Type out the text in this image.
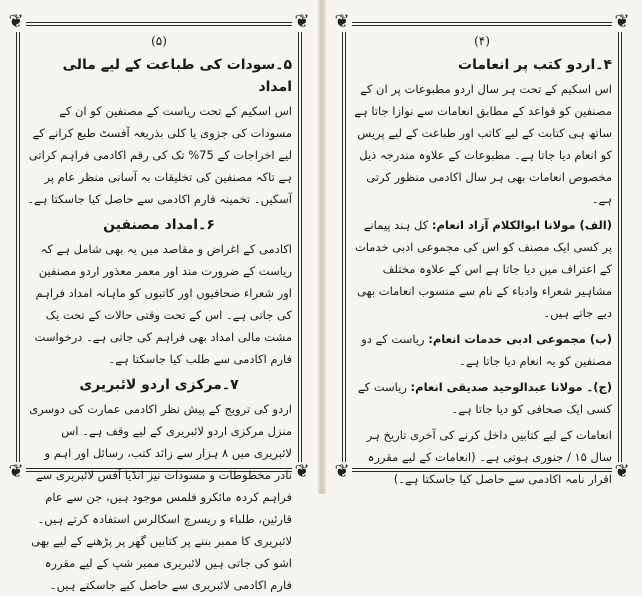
❦	❦
❦	❦
(۵)
۵۔سودات کی طباعت کے لیے مالی امداد
اس اسکیم کے تحت ریاست کے مصنفین کو ان کے مسودات کی جزوی یا کلی بذریعہ آفسٹ طبع کرانے کے لیے اخراجات کے 75% تک کی رقم اکادمی فراہم کراتی ہے تاکہ مصنفین کی تخلیقات بہ آسانی منظر عام پر آسکیں۔ تخمینہ فارم اکادمی سے حاصل کیا جاسکتا ہے۔
۶۔امداد مصنفین
اکادمی کے اغراض و مقاصد میں یہ بھی شامل ہے کہ ریاست کے ضرورت مند اور معمر معذور اردو مصنفین اور شعراء صحافیوں اور کاتبوں کو ماہانہ امداد فراہم کی جاتی ہے۔ اس کے تحت وقتی حالات کے تحت یک مشت مالی امداد بھی فراہم کی جاتی ہے۔ درخواست فارم اکادمی سے طلب کیا جاسکتا ہے۔
۷۔مرکزی اردو لائبریری
اردو کی ترویج کے پیش نظر اکادمی عمارت کی دوسری منزل مرکزی اردو لائبریری کے لیے وقف ہے۔ اس لائبریری میں ۸ ہزار سے زائد کتب، رسائل اور اہم و نادر مخطوطات و مسودات نیز انڈیا آفس لائبریری سے فراہم کردہ مائکرو فلمس موجود ہیں، جن سے عام قارئین، طلباء و ریسرچ اسکالرس استفادہ کرتے ہیں۔ لائبریری کا ممبر بننے پر کتابیں گھر پر پڑھنے کے لیے بھی اشو کی جاتی ہیں لائبریری ممبر شپ کے لیے مقررہ فارم اکادمی لائبریری سے حاصل کیے جاسکتے ہیں۔
❦	❦
❦	❦
(۴)
۴۔اردو کتب پر انعامات
اس اسکیم کے تحت ہر سال اردو مطبوعات پر ان کے مصنفین کو قواعد کے مطابق انعامات سے نوازا جاتا ہے ساتھ ہی کتابت کے لیے کاتب اور طباعت کے لیے پریس کو انعام دیا جاتا ہے۔ مطبوعات کے علاوہ مندرجہ ذیل مخصوص انعامات بھی ہر سال اکادمی منظور کرتی ہے۔
(الف) مولانا ابوالکلام آزاد انعام: کل ہند پیمانے پر کسی ایک مصنف کو اس کی مجموعی ادبی خدمات کے اعتراف میں دیا جاتا ہے اس کے علاوہ مختلف مشاہیر شعراء وادباء کے نام سے منسوب انعامات بھی دیے جاتے ہیں۔
(ب) مجموعی ادبی خدمات انعام: ریاست کے دو مصنفین کو یہ انعام دیا جاتا ہے۔
(ج)۔ مولانا عبدالوحید صدیقی انعام: ریاست کے کسی ایک صحافی کو دیا جاتا ہے۔
انعامات کے لیے کتابیں داخل کرنے کی آخری تاریخ ہر سال ۱۵ / جنوری ہوتی ہے۔ (انعامات کے لیے مقررہ اقرار نامہ اکادمی سے حاصل کیا جاسکتا ہے۔)
